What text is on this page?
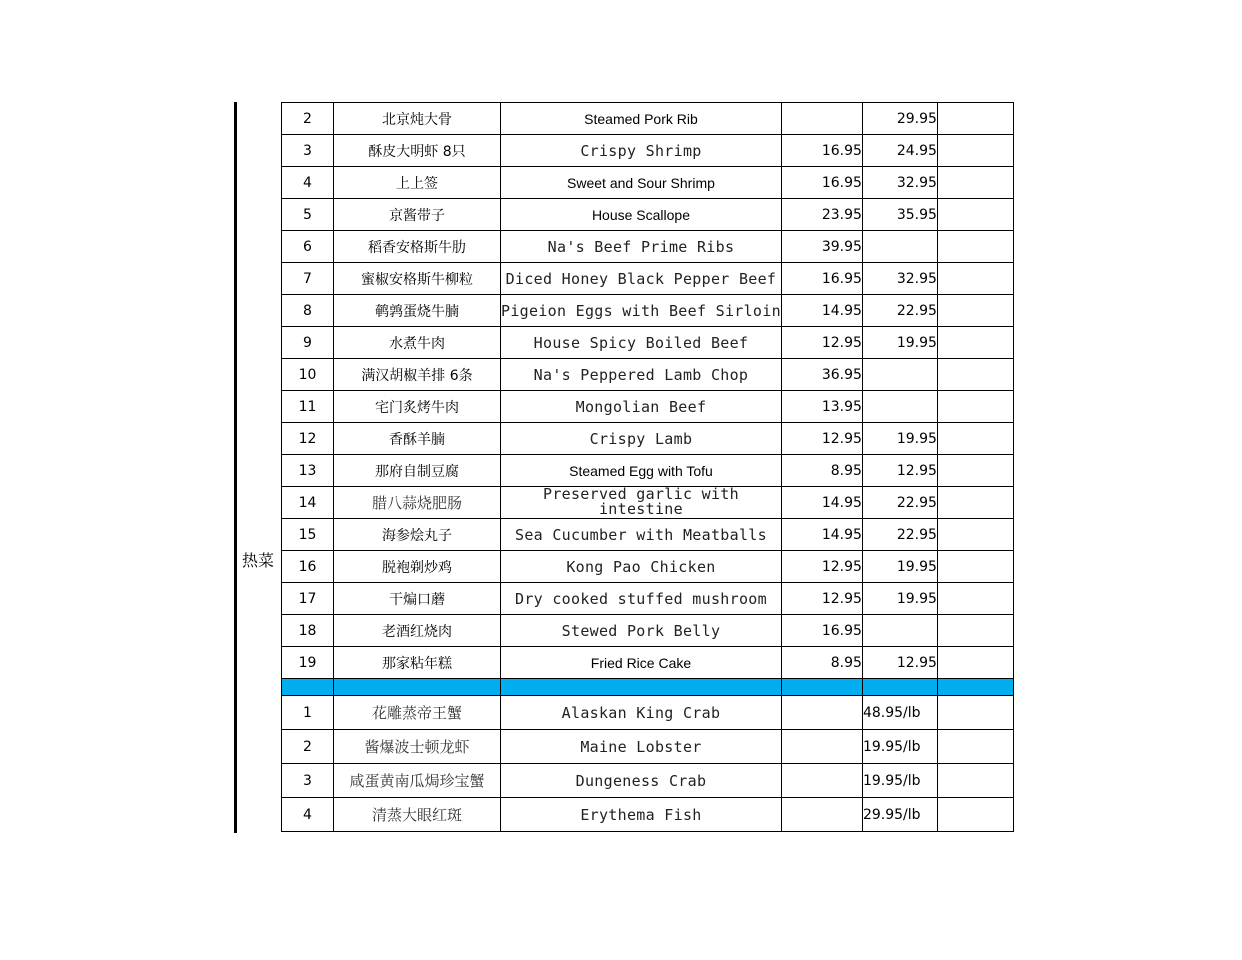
热菜
2	北京炖大骨	Steamed Pork Rib		29.95	
3	酥皮大明虾 8只	Crispy Shrimp	16.95	24.95	
4	上上签	Sweet and Sour Shrimp	16.95	32.95	
5	京酱带子	House Scallope	23.95	35.95	
6	稻香安格斯牛肋	Na's Beef Prime Ribs	39.95		
7	蜜椒安格斯牛柳粒	Diced Honey Black Pepper Beef	16.95	32.95	
8	鹌鹑蛋烧牛腩	Pigeion Eggs with Beef Sirloin	14.95	22.95	
9	水煮牛肉	House Spicy Boiled Beef	12.95	19.95	
10	满汉胡椒羊排 6条	Na's Peppered Lamb Chop	36.95		
11	宅门炙烤牛肉	Mongolian Beef	13.95		
12	香酥羊腩	Crispy Lamb	12.95	19.95	
13	那府自制豆腐	Steamed Egg with Tofu	8.95	12.95	
14	腊八蒜烧肥肠	Preserved garlic with intestine	14.95	22.95	
15	海参烩丸子	Sea Cucumber with Meatballs	14.95	22.95	
16	脱袍剃炒鸡	Kong Pao Chicken	12.95	19.95	
17	干煸口蘑	Dry cooked stuffed mushroom	12.95	19.95	
18	老酒红烧肉	Stewed Pork Belly	16.95		
19	那家粘年糕	Fried Rice Cake	8.95	12.95	

1	花雕蒸帝王蟹	Alaskan King Crab		48.95/lb	
2	酱爆波士顿龙虾	Maine Lobster		19.95/lb	
3	咸蛋黄南瓜焗珍宝蟹	Dungeness Crab		19.95/lb	
4	清蒸大眼红斑	Erythema Fish		29.95/lb	
